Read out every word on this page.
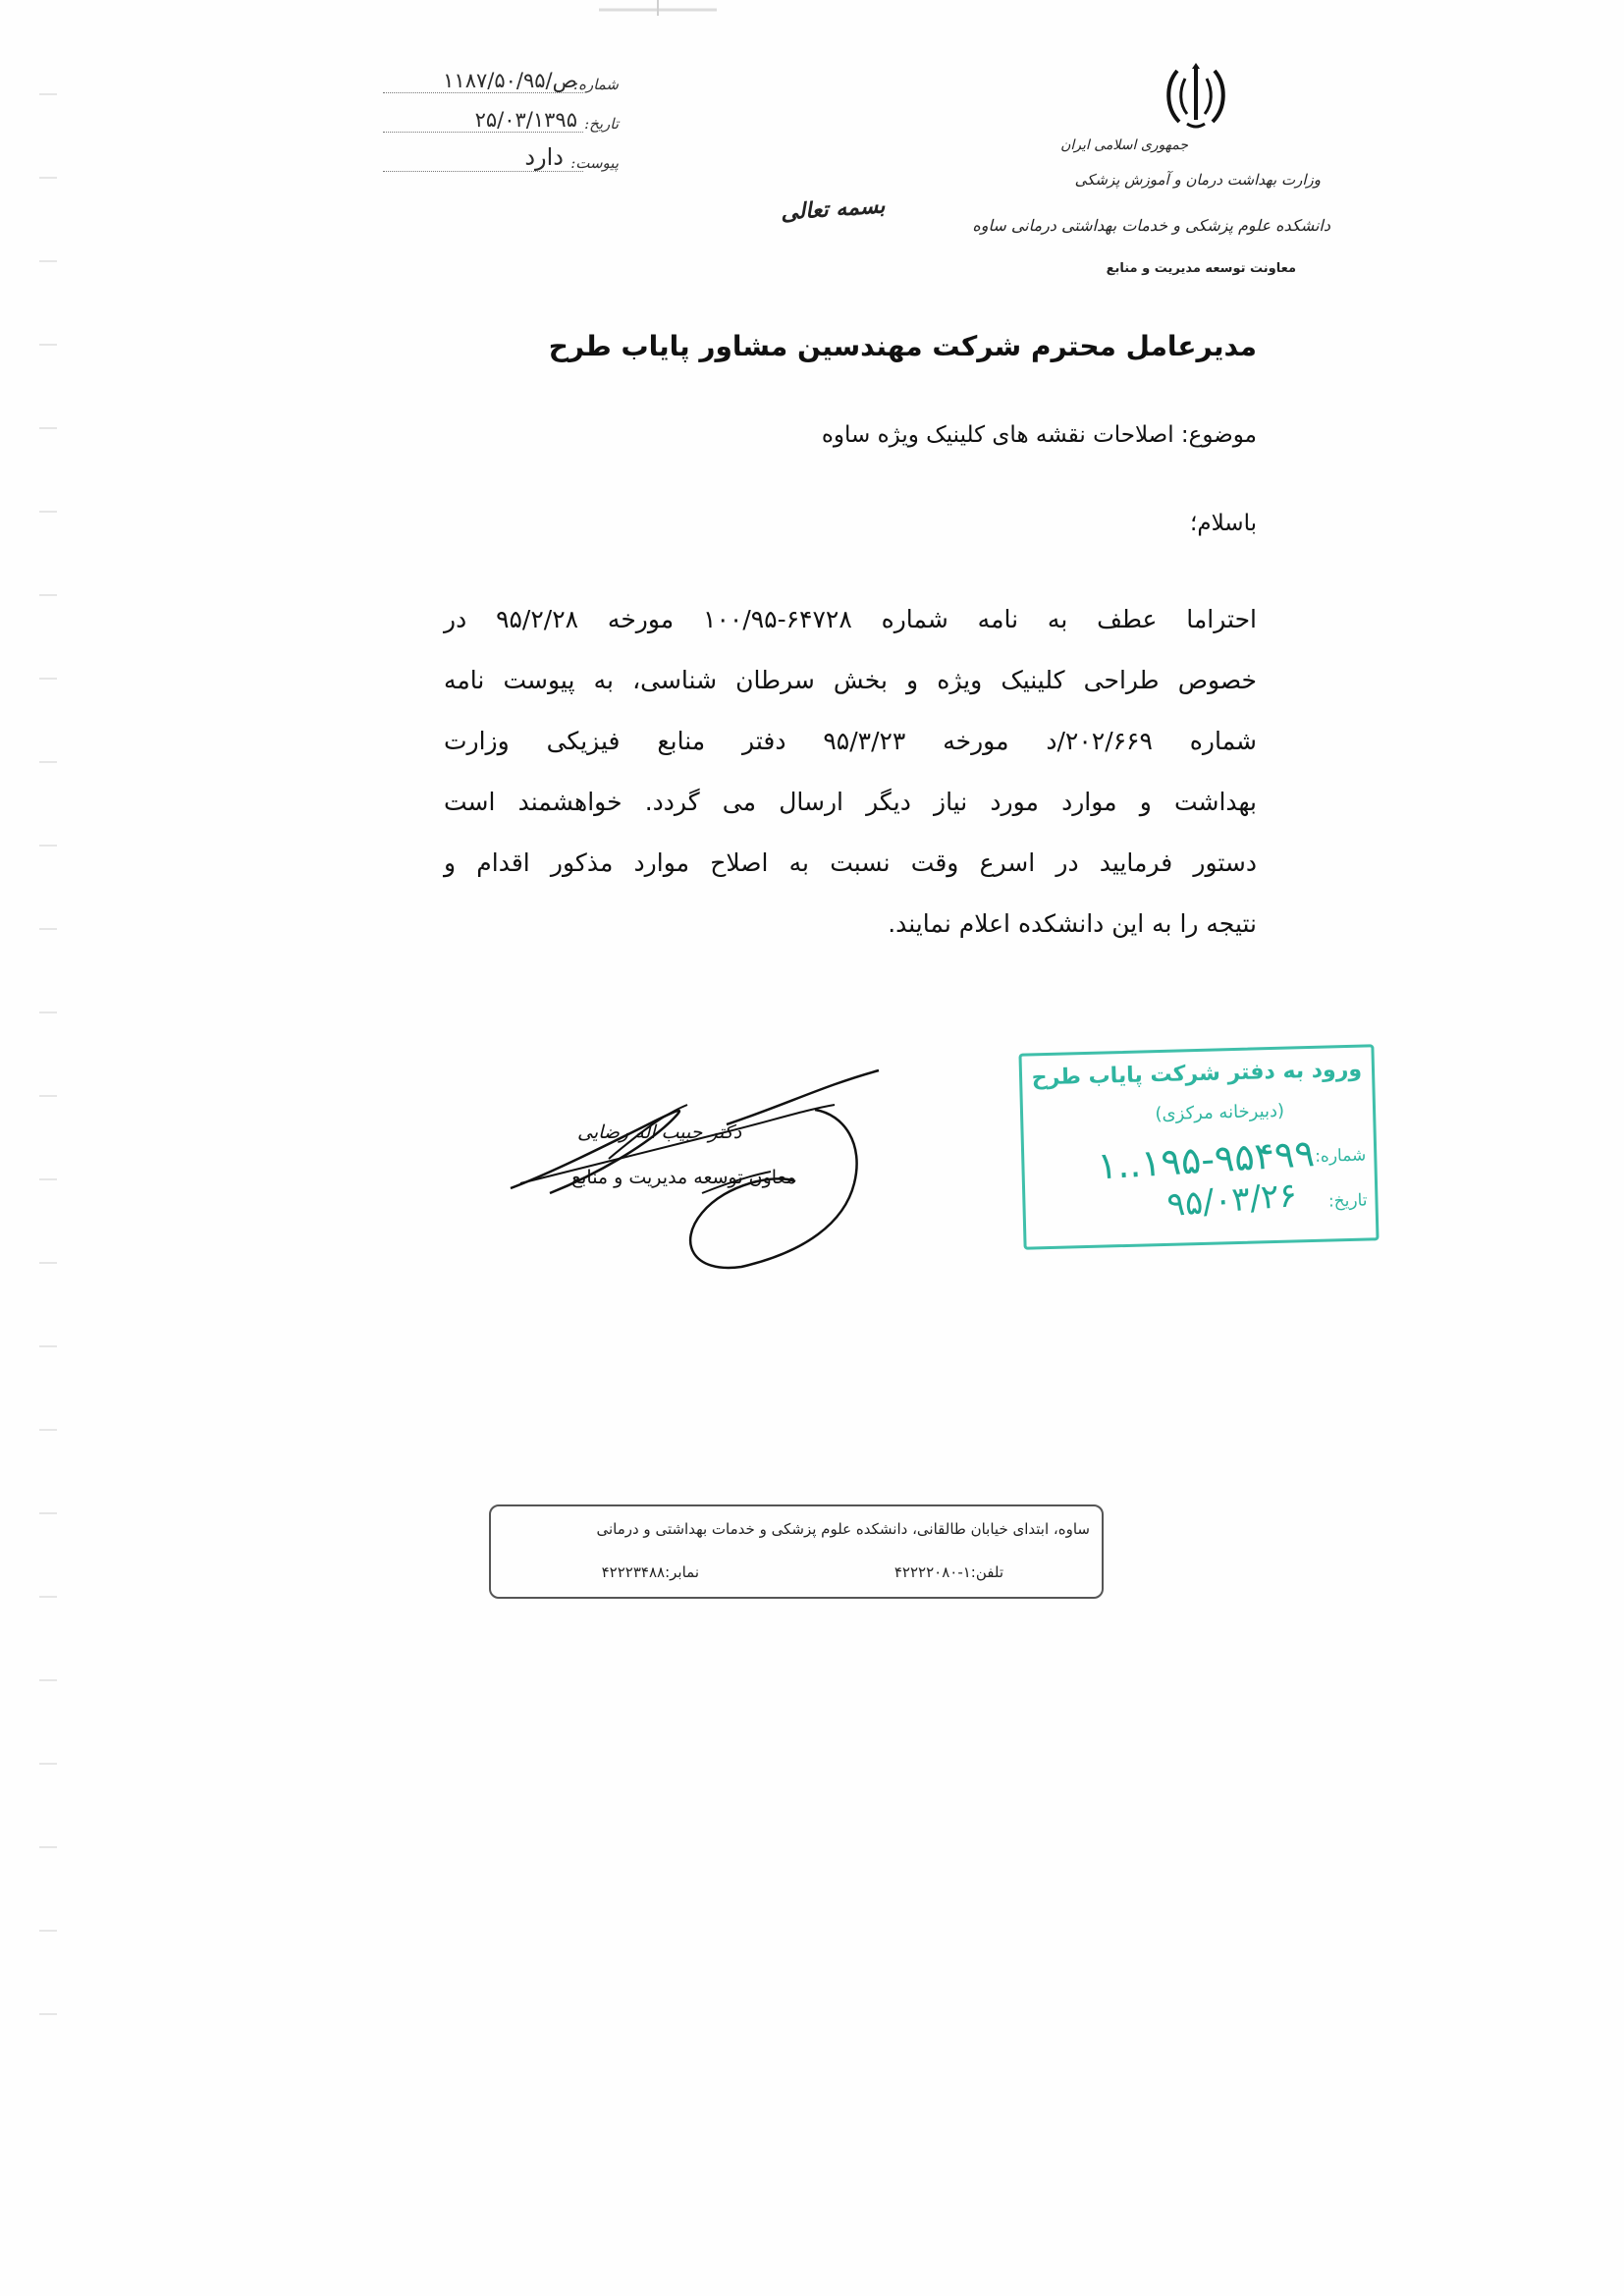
شماره:
۱۱۸۷/۵۰/ص/۹۵
تاریخ:
۲۵/۰۳/۱۳۹۵
پیوست:
دارد	جمهوری اسلامی ایران
وزارت بهداشت درمان و آموزش پزشکی
دانشکده علوم پزشکی و خدمات بهداشتی درمانی ساوه
معاونت توسعه مدیریت و منابع
بسمه تعالی
مدیرعامل محترم شرکت مهندسین مشاور پایاب طرح
موضوع: اصلاحات نقشه های کلینیک ویژه ساوه
باسلام؛
احتراما عطف به نامه شماره ۶۴۷۲۸-۱۰۰/۹۵ مورخه ۹۵/۲/۲۸ در
خصوص طراحی کلینیک ویژه و بخش سرطان شناسی، به پیوست نامه
شماره ۲۰۲/۶۶۹/د مورخه ۹۵/۳/۲۳ دفتر منابع فیزیکی وزارت
بهداشت و موارد مورد نیاز دیگر ارسال می گردد. خواهشمند است
دستور فرمایید در اسرع وقت نسبت به اصلاح موارد مذکور اقدام و
نتیجه را به این دانشکده اعلام نمایند.
ورود به دفتر شرکت پایاب طرح
(دبیرخانه مرکزی)
شماره:
۱..۱۹۵-۹۵۴۹۹
تاریخ:
۹۵/۰۳/۲۶
دکتر حبیب اله رضایی
معاون توسعه مدیریت و منابع
ساوه، ابتدای خیابان طالقانی، دانشکده علوم پزشکی و خدمات بهداشتی و درمانی
تلفن:۱-۴۲۲۲۲۰۸۰
نمابر:۴۲۲۲۳۴۸۸
